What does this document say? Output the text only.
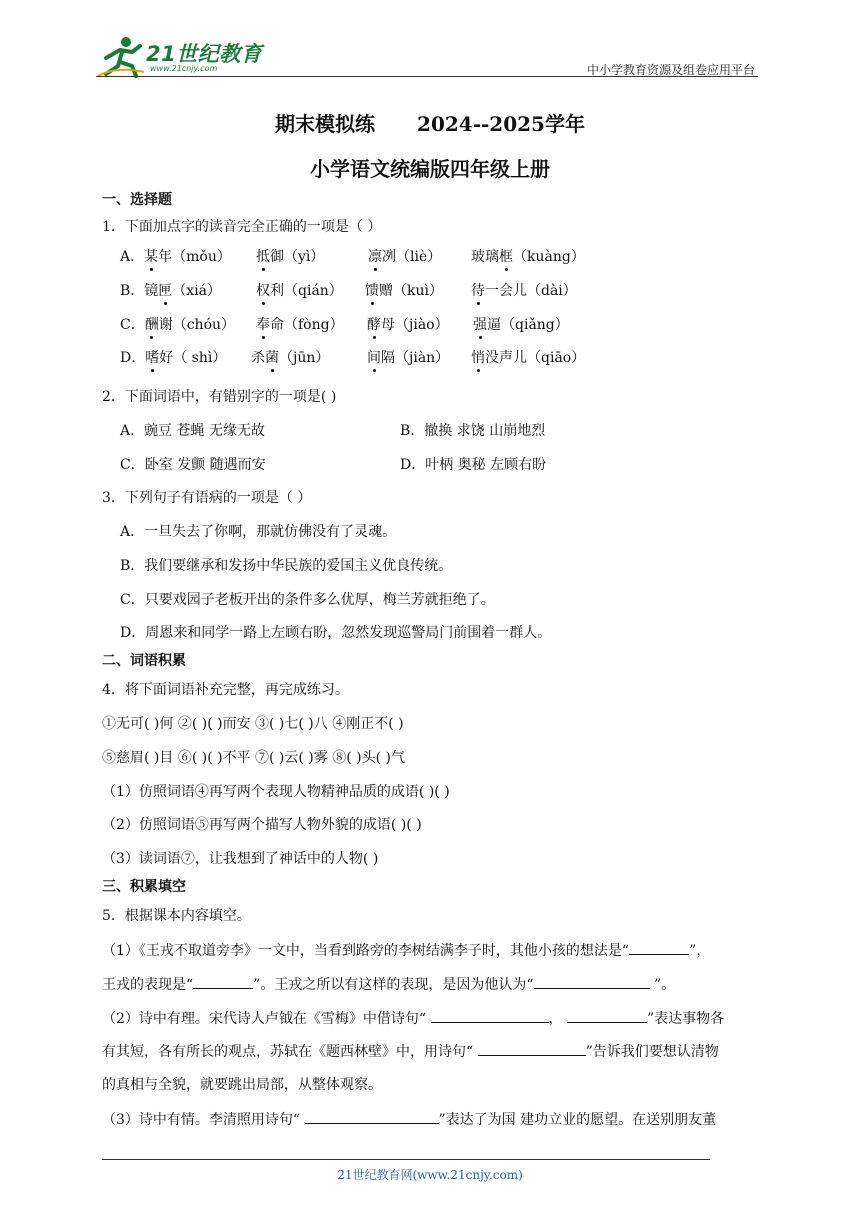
21世纪教育
www.21cnjy.com	中小学教育资源及组卷应用平台
期末模拟练 2024--2025学年
小学语文统编版四年级上册
一、选择题
1．下面加点字的读音完全正确的一项是（ ）
A．某年（mǒu） 抵御（yì）	凛冽（liè） 玻璃框（kuàng）
B．镜匣（xiá） 权利（qián） 馈赠（kuì） 待一会儿（dài）
C．酬谢（chóu） 奉命（fòng） 酵母（jiào） 强逼（qiǎng）
D．嗜好（ shì） 杀菌（jūn）	间隔（jiàn） 悄没声儿（qiāo）
2．下面词语中，有错别字的一项是( )
A．豌豆 苍蝇 无缘无故	B．撤换 求饶 山崩地烈
C．卧室 发颤 随遇而安	D．叶柄 奥秘 左顾右盼
3．下列句子有语病的一项是（ ）
A．一旦失去了你啊，那就仿佛没有了灵魂。
B．我们要继承和发扬中华民族的爱国主义优良传统。
C．只要戏园子老板开出的条件多么优厚，梅兰芳就拒绝了。
D．周恩来和同学一路上左顾右盼，忽然发现巡警局门前围着一群人。
二、词语积累
4．将下面词语补充完整，再完成练习。
①无可( )何 ②( )( )而安 ③( )七( )八 ④刚正不( )
⑤慈眉( )目 ⑥( )( )不平 ⑦( )云( )雾 ⑧( )头( )气
（1）仿照词语④再写两个表现人物精神品质的成语( )( )
（2）仿照词语⑤再写两个描写人物外貌的成语( )( )
（3）读词语⑦，让我想到了神话中的人物( )
三、积累填空
5．根据课本内容填空。
（1）《王戎不取道旁李》一文中，当看到路旁的李树结满李子时，其他小孩的想法是“	”，
王戎的表现是“	”。王戎之所以有这样的表现，是因为他认为“	”。
（2）诗中有理。宋代诗人卢钺在《雪梅》中借诗句“	，	”表达事物各
有其短，各有所长的观点，苏轼在《题西林壁》中，用诗句“	”告诉我们要想认清物
的真相与全貌，就要跳出局部，从整体观察。
（3）诗中有情。李清照用诗句“	”表达了为国 建功立业的愿望。在送别朋友董
21世纪教育网(www.21cnjy.com)
